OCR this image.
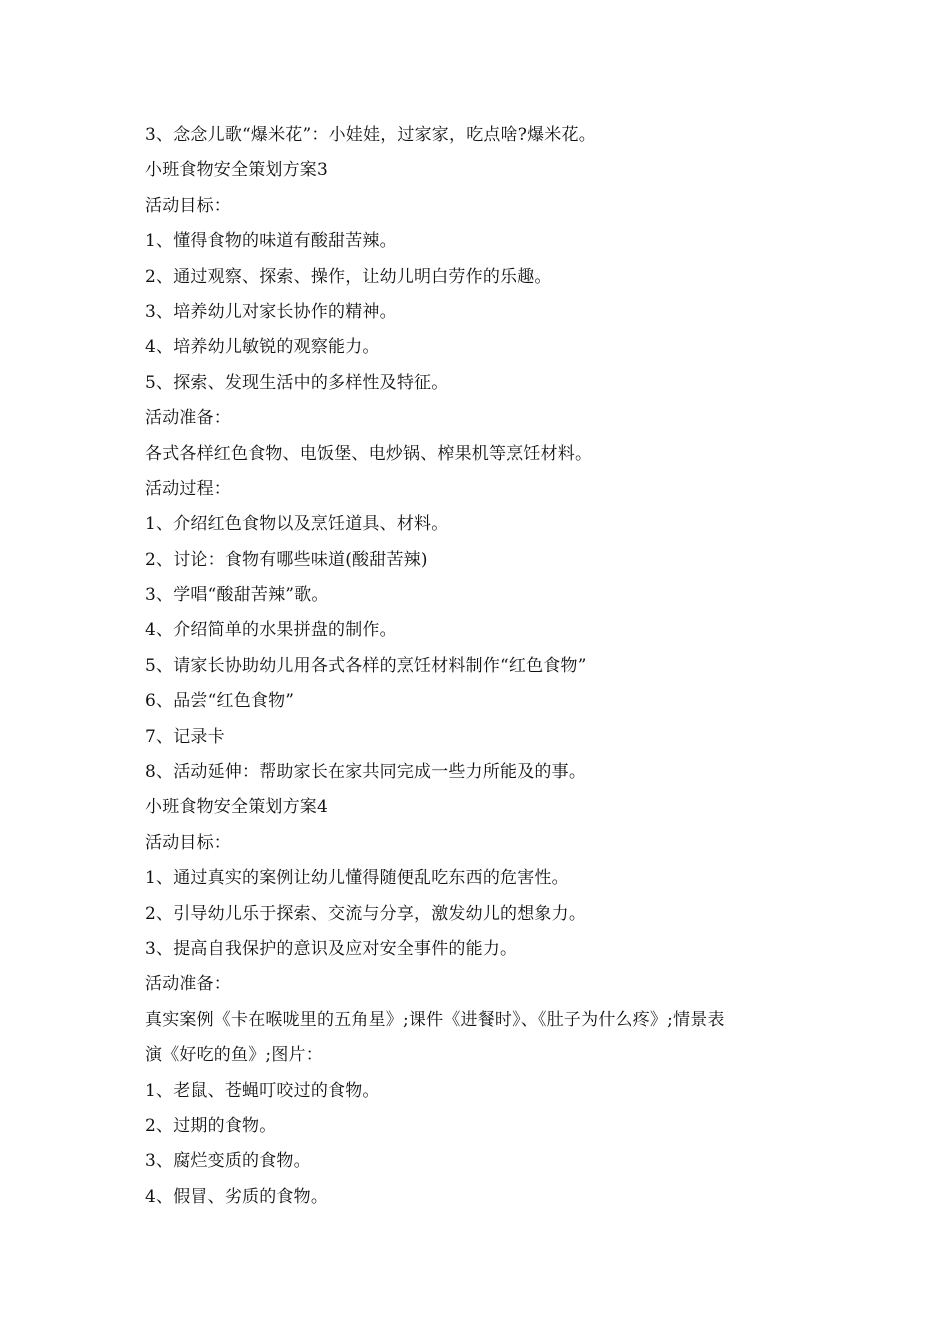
3、念念儿歌“爆米花”：小娃娃，过家家，吃点啥?爆米花。
小班食物安全策划方案3
活动目标：
1、懂得食物的味道有酸甜苦辣。
2、通过观察、探索、操作，让幼儿明白劳作的乐趣。
3、培养幼儿对家长协作的精神。
4、培养幼儿敏锐的观察能力。
5、探索、发现生活中的多样性及特征。
活动准备：
各式各样红色食物、电饭堡、电炒锅、榨果机等烹饪材料。
活动过程：
1、介绍红色食物以及烹饪道具、材料。
2、讨论：食物有哪些味道(酸甜苦辣)
3、学唱“酸甜苦辣”歌。
4、介绍简单的水果拼盘的制作。
5、请家长协助幼儿用各式各样的烹饪材料制作“红色食物”
6、品尝“红色食物”
7、记录卡
8、活动延伸：帮助家长在家共同完成一些力所能及的事。
小班食物安全策划方案4
活动目标：
1、通过真实的案例让幼儿懂得随便乱吃东西的危害性。
2、引导幼儿乐于探索、交流与分享，激发幼儿的想象力。
3、提高自我保护的意识及应对安全事件的能力。
活动准备：
真实案例《卡在喉咙里的五角星》;课件《进餐时》、《肚子为什么疼》;情景表
演《好吃的鱼》;图片：
1、老鼠、苍蝇叮咬过的食物。
2、过期的食物。
3、腐烂变质的食物。
4、假冒、劣质的食物。
